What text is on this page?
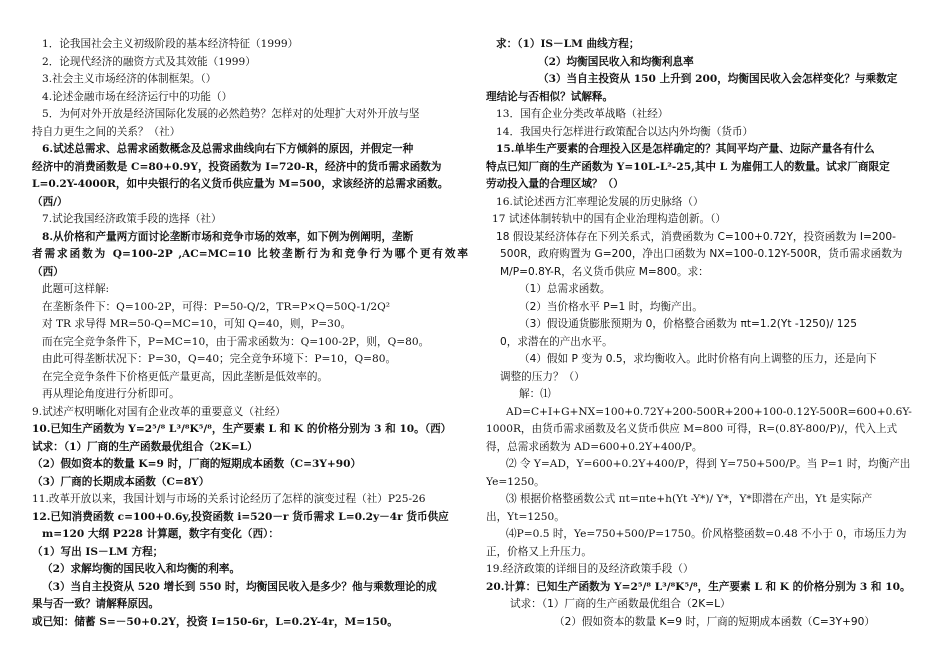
1．论我国社会主义初级阶段的基本经济特征（1999）
2．论现代经济的融资方式及其效能（1999）
3.社会主义市场经济的体制框架。（）
4.论述金融市场在经济运行中的功能（）
5．为何对外开放是经济国际化发展的必然趋势？怎样对的处理扩大对外开放与坚
持自力更生之间的关系？（社）
6.试述总需求、总需求函数概念及总需求曲线向右下方倾斜的原因，并假定一种
经济中的消费函数是 C=80+0.9Y，投资函数为 I=720-R，经济中的货币需求函数为
L=0.2Y-4000R，如中央银行的名义货币供应量为 M=500，求该经济的总需求函数。
（西/）
7.试论我国经济政策手段的选择（社）
8.从价格和产量两方面讨论垄断市场和竞争市场的效率，如下例为例阐明，垄断
者需求函数为 Q=100-2P ,AC=MC=10 比较垄断行为和竞争行为哪个更有效率
（西）
此题可这样解:
在垄断条件下：Q=100-2P，可得：P=50-Q/2，TR=P×Q=50Q-1/2Q²
对 TR 求导得 MR=50-Q=MC=10，可知 Q=40，则，P=30。
而在完全竞争条件下，P=MC=10，由于需求函数为：Q=100-2P，则，Q=80。
由此可得垄断状况下：P=30，Q=40；完全竞争环境下：P=10，Q=80。
在完全竞争条件下价格更低产量更高，因此垄断是低效率的。
再从理论角度进行分析即可。
9.试述产权明晰化对国有企业改革的重要意义（社经）
10.已知生产函数为 Y=2⁵/⁸ L³/⁸K⁵/⁸，生产要素 L 和 K 的价格分别为 3 和 10。（西）
试求：（1）厂商的生产函数最优组合（2K=L）
（2）假如资本的数量 K=9 时，厂商的短期成本函数（C=3Y+90）
（3）厂商的长期成本函数（C=8Y）
11.改革开放以来，我国计划与市场的关系讨论经历了怎样的演变过程（社）P25-26
12.已知消费函数 c=100+0.6y,投资函数 i=520－r 货币需求 L=0.2y－4r 货币供应
m=120 大纲 P228 计算题，数字有变化（西）：
（1）写出 IS－LM 方程；
（2）求解均衡的国民收入和均衡的利率。
（3）当自主投资从 520 增长到 550 时，均衡国民收入是多少？他与乘数理论的成
果与否一致？请解释原因。
或已知：储蓄 S=－50+0.2Y，投资 I=150-6r，L=0.2Y-4r，M=150。
求：（1）IS－LM 曲线方程；
（2）均衡国民收入和均衡利息率
（3）当自主投资从 150 上升到 200，均衡国民收入会怎样变化？与乘数定
理结论与否相似？试解释。
13．国有企业分类改革战略（社经）
14．我国央行怎样进行政策配合以达内外均衡（货币）
15.单毕生产要素的合理投入区是怎样确定的？其间平均产量、边际产量各有什么
特点已知厂商的生产函数为 Y=10L-L²-25,其中 L 为雇佣工人的数量。试求厂商限定
劳动投入量的合理区域？（）
16.试论述西方汇率理论发展的历史脉络（）
17 试述体制转轨中的国有企业治理构造创新。（）
18 假设某经济体存在下列关系式，消费函数为 C=100+0.72Y，投资函数为 I=200-
500R，政府购置为 G=200，净出口函数为 NX=100-0.12Y-500R，货币需求函数为
M/P=0.8Y-R，名义货币供应 M=800。求：
（1）总需求函数。
（2）当价格水平 P=1 时，均衡产出。
（3）假设通货膨胀预期为 0，价格整合函数为 πt=1.2(Yt -1250)/ 125
0，求潜在的产出水平。
（4）假如 P 变为 0.5，求均衡收入。此时价格有向上调整的压力，还是向下
调整的压力？（）
解：⑴
AD=C+I+G+NX=100+0.72Y+200-500R+200+100-0.12Y-500R=600+0.6Y-
1000R，由货币需求函数及名义货币供应 M=800 可得，R=(0.8Y-800/P)/，代入上式
得，总需求函数为 AD=600+0.2Y+400/P。
⑵ 令 Y=AD，Y=600+0.2Y+400/P，得到 Y=750+500/P。当 P=1 时，均衡产出
Ye=1250。
⑶ 根据价格整函数公式 πt=πte+h(Yt -Y*)/ Y*，Y*即潜在产出，Yt 是实际产
出，Yt=1250。
⑷P=0.5 时，Ye=750+500/P=1750。价风格整函数=0.48 不小于 0，市场压力为
正，价格又上升压力。
19.经济政策的详细目的及经济政策手段（）
20.计算：已知生产函数为 Y=2⁵/⁸ L³/⁸K⁵/⁸，生产要素 L 和 K 的价格分别为 3 和 10。
试求：（1）厂商的生产函数最优组合（2K=L）
（2）假如资本的数量 K=9 时，厂商的短期成本函数（C=3Y+90）
